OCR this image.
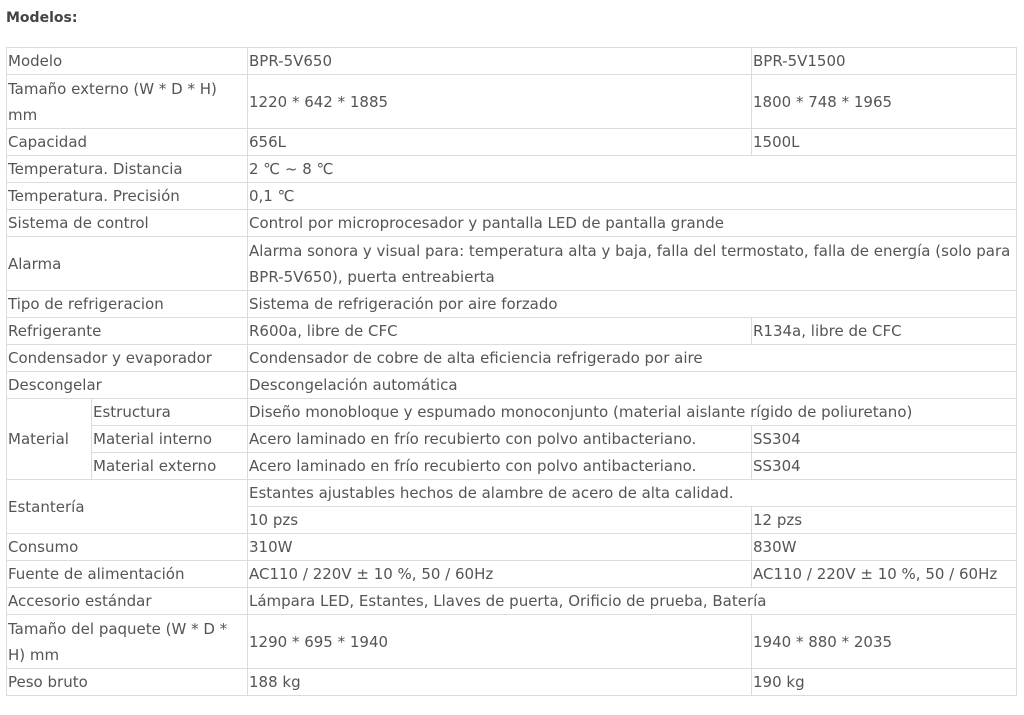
Modelos:
Modelo		BPR-5V650	BPR-5V1500
Tamaño externo (W * D * H) mm		1220 * 642 * 1885	1800 * 748 * 1965
Capacidad		656L	1500L
Temperatura. Distancia		2 ℃ ~ 8 ℃	
Temperatura. Precisión		0,1 ℃	
Sistema de control		Control por microprocesador y pantalla LED de pantalla grande	
Alarma		Alarma sonora y visual para: temperatura alta y baja, falla del termostato, falla de energía (solo para BPR-5V650), puerta entreabierta	
Tipo de refrigeracion		Sistema de refrigeración por aire forzado	
Refrigerante		R600a, libre de CFC	R134a, libre de CFC
Condensador y evaporador		Condensador de cobre de alta eficiencia refrigerado por aire	
Descongelar		Descongelación automática	
Material	Estructura	Diseño monobloque y espumado monoconjunto (material aislante rígido de poliuretano)	
	Material interno	Acero laminado en frío recubierto con polvo antibacteriano.	SS304
	Material externo	Acero laminado en frío recubierto con polvo antibacteriano.	SS304
Estantería		Estantes ajustables hechos de alambre de acero de alta calidad.	
		10 pzs	12 pzs
Consumo		310W	830W
Fuente de alimentación		AC110 / 220V ± 10 %, 50 / 60Hz	AC110 / 220V ± 10 %, 50 / 60Hz
Accesorio estándar		Lámpara LED, Estantes, Llaves de puerta, Orificio de prueba, Batería	
Tamaño del paquete (W * D * H) mm		1290 * 695 * 1940	1940 * 880 * 2035
Peso bruto		188 kg	190 kg
